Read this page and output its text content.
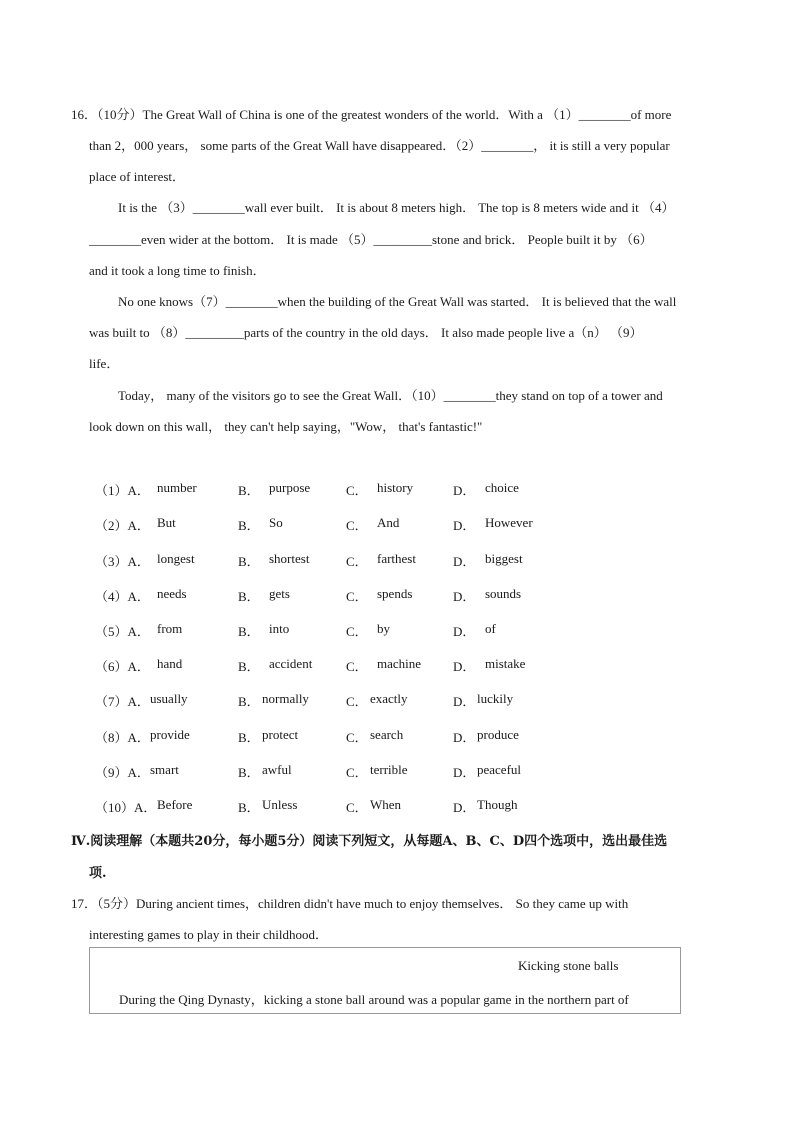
16．（10分）The Great Wall of China is one of the greatest wonders of the world．With a （1）________of more
than 2，000 years， some parts of the Great Wall have disappeared．（2）________， it is still a very popular
place of interest．
It is the （3）________wall ever built． It is about 8 meters high． The top is 8 meters wide and it （4）
________even wider at the bottom． It is made （5）_________stone and brick． People built it by （6）
and it took a long time to finish．
No one knows（7）________when the building of the Great Wall was started． It is believed that the wall
was built to （8）_________parts of the country in the old days． It also made people live a（n） （9）
life．
Today， many of the visitors go to see the Great Wall．（10）________they stand on top of a tower and
look down on this wall， they can't help saying，"Wow， that's fantastic!"
（1）A． number	B． purpose	C． history	D． choice
（2）A． But	B． So	C． And	D． However
（3）A． longest	B． shortest	C． farthest	D． biggest
（4）A． needs	B． gets	C． spends	D． sounds
（5）A． from	B． into	C． by	D． of
（6）A． hand	B． accident	C． machine D． mistake
（7）A． usually	B． normally	C． exactly	D． luckily
（8）A． provide	B． protect	C． search	D． produce
（9）A． smart	B． awful	C． terrible	D． peaceful
（10）A． Before	B． Unless	C． When	D． Though
Ⅳ.阅读理解（本题共20分，每小题5分）阅读下列短文，从每题A、B、C、D四个选项中，选出最佳选
项.
17．（5分）During ancient times，children didn't have much to enjoy themselves． So they came up with
interesting games to play in their childhood．
Kicking stone balls
During the Qing Dynasty，kicking a stone ball around was a popular game in the northern part of
